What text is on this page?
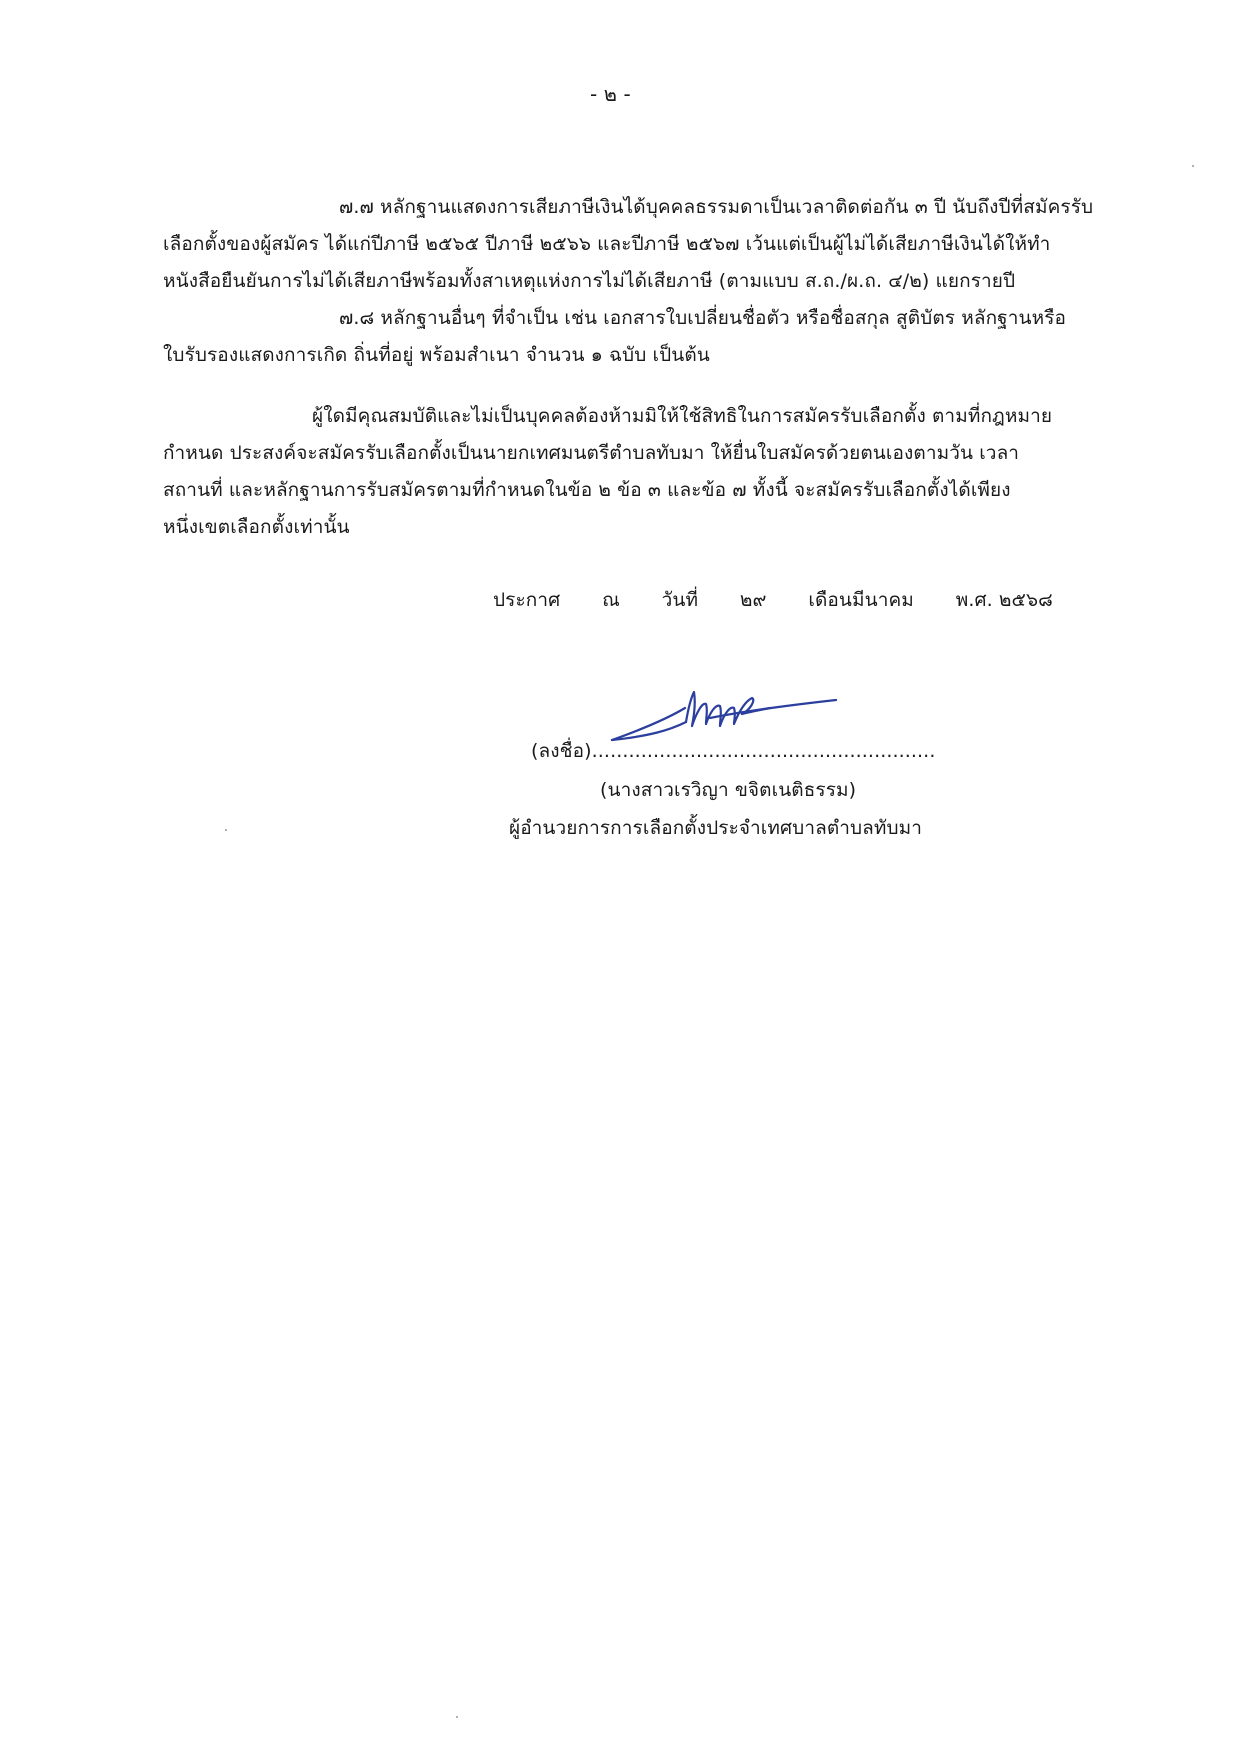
- ๒ -
๗.๗ หลักฐานแสดงการเสียภาษีเงินได้บุคคลธรรมดาเป็นเวลาติดต่อกัน ๓ ปี นับถึงปีที่สมัครรับ
เลือกตั้งของผู้สมัคร ได้แก่ปีภาษี ๒๕๖๕ ปีภาษี ๒๕๖๖ และปีภาษี ๒๕๖๗ เว้นแต่เป็นผู้ไม่ได้เสียภาษีเงินได้ให้ทำ
หนังสือยืนยันการไม่ได้เสียภาษีพร้อมทั้งสาเหตุแห่งการไม่ได้เสียภาษี (ตามแบบ ส.ถ./ผ.ถ. ๔/๒) แยกรายปี
๗.๘ หลักฐานอื่นๆ ที่จำเป็น เช่น เอกสารใบเปลี่ยนชื่อตัว หรือชื่อสกุล สูติบัตร หลักฐานหรือ
ใบรับรองแสดงการเกิด ถิ่นที่อยู่ พร้อมสำเนา จำนวน ๑ ฉบับ เป็นต้น
ผู้ใดมีคุณสมบัติและไม่เป็นบุคคลต้องห้ามมิให้ใช้สิทธิในการสมัครรับเลือกตั้ง ตามที่กฎหมาย
กำหนด ประสงค์จะสมัครรับเลือกตั้งเป็นนายกเทศมนตรีตำบลทับมา ให้ยื่นใบสมัครด้วยตนเองตามวัน เวลา
สถานที่ และหลักฐานการรับสมัครตามที่กำหนดในข้อ ๒ ข้อ ๓ และข้อ ๗ ทั้งนี้ จะสมัครรับเลือกตั้งได้เพียง
หนึ่งเขตเลือกตั้งเท่านั้น
ประกาศ ณ วันที่ ๒๙ เดือนมีนาคม พ.ศ. ๒๕๖๘
(ลงชื่อ)........................................................
(นางสาวเรวิญา ขจิตเนติธรรม)
ผู้อำนวยการการเลือกตั้งประจำเทศบาลตำบลทับมา
